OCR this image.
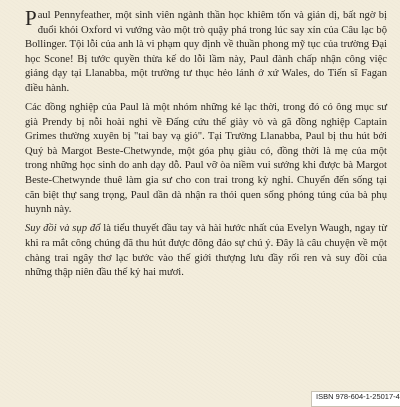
Paul Pennyfeather, một sinh viên ngành thần học khiêm tốn và giản dị, bất ngờ bị đuổi khỏi Oxford vì vướng vào một trò quậy phá trong lúc say xỉn của Câu lạc bộ Bollinger. Tội lỗi của anh là vi phạm quy định về thuần phong mỹ tục của trường Đại học Scone! Bị tước quyền thừa kế do lỗi lầm này, Paul đành chấp nhận công việc giảng dạy tại Llanabba, một trường tư thục hẻo lánh ở xứ Wales, do Tiến sĩ Fagan điều hành.

Các đồng nghiệp của Paul là một nhóm những kẻ lạc thời, trong đó có ông mục sư già Prendy bị nỗi hoài nghi về Đấng cứu thế giày vò và gã đồng nghiệp Captain Grimes thường xuyên bị "tai bay vạ gió". Tại Trường Llanabba, Paul bị thu hút bởi Quý bà Margot Beste-Chetwynde, một góa phụ giàu có, đồng thời là mẹ của một trong những học sinh do anh dạy dỗ. Paul vỡ òa niềm vui sướng khi được bà Margot Beste-Chetwynde thuê làm gia sư cho con trai trong kỳ nghỉ. Chuyển đến sống tại căn biệt thự sang trọng, Paul dần dà nhận ra thói quen sống phóng túng của bà phụ huynh này.

Suy đồi và sụp đổ là tiểu thuyết đầu tay và hài hước nhất của Evelyn Waugh, ngay từ khi ra mắt công chúng đã thu hút được đông đảo sự chú ý. Đây là câu chuyện về một chàng trai ngây thơ lạc bước vào thế giới thượng lưu đầy rối ren và suy đồi của những thập niên đầu thế kỷ hai mươi.

ISBN 978-604-1-25017-4
